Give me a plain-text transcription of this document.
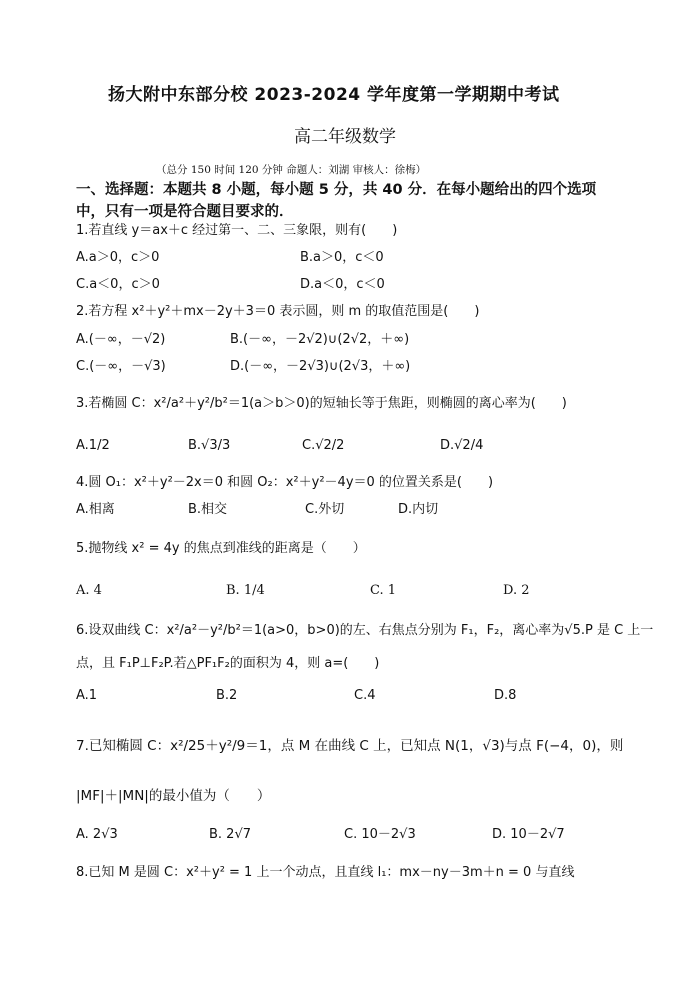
扬大附中东部分校 2023-2024 学年度第一学期期中考试
高二年级数学
（总分 150 时间 120 分钟 命题人：刘湖 审核人：徐梅）
一、选择题：本题共 8 小题，每小题 5 分，共 40 分．在每小题给出的四个选项
中，只有一项是符合题目要求的．
1.若直线 y＝ax＋c 经过第一、二、三象限，则有(　　)
A.a＞0，c＞0	B.a＞0，c＜0
C.a＜0，c＞0	D.a＜0，c＜0
2.若方程 x²＋y²＋mx－2y＋3＝0 表示圆，则 m 的取值范围是(　　)
A.(－∞，－√2)	B.(－∞，－2√2)∪(2√2，＋∞)
C.(－∞，－√3)	D.(－∞，－2√3)∪(2√3，＋∞)
3.若椭圆 C：x²/a²＋y²/b²＝1(a＞b＞0)的短轴长等于焦距，则椭圆的离心率为(　　)
A.1/2	B.√3/3	C.√2/2	D.√2/4
4.圆 O₁：x²＋y²－2x＝0 和圆 O₂：x²＋y²－4y＝0 的位置关系是(　　)
A.相离	B.相交	C.外切	D.内切
5.抛物线 x² = 4y 的焦点到准线的距离是（　　）
A. 4	B. 1/4	C. 1	D. 2
6.设双曲线 C：x²/a²－y²/b²＝1(a>0，b>0)的左、右焦点分别为 F₁，F₂，离心率为√5.P 是 C 上一
点，且 F₁P⊥F₂P.若△PF₁F₂的面积为 4，则 a=(　　)
A.1	B.2	C.4	D.8
7.已知椭圆 C：x²/25＋y²/9＝1，点 M 在曲线 C 上，已知点 N(1，√3)与点 F(−4，0)，则
|MF|＋|MN|的最小值为（　　）
A. 2√3	B. 2√7	C. 10－2√3	D. 10－2√7
8.已知 M 是圆 C：x²＋y² = 1 上一个动点，且直线 l₁：mx－ny－3m＋n = 0 与直线
